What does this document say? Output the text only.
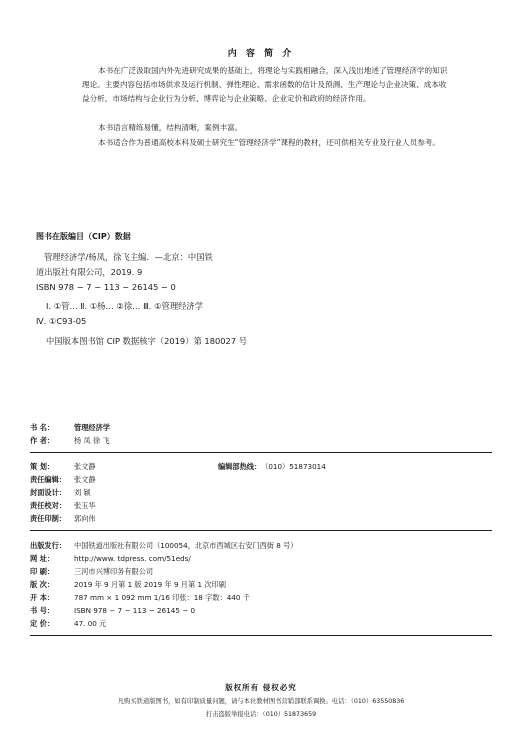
内 容 简 介

本书在广泛汲取国内外先进研究成果的基础上，将理论与实践相融合，深入浅出地述了管理经济学的知识理论。主要内容包括市场供求及运行机制、弹性理论、需求函数的估计及预测、生产理论与企业决策、成本收益分析，市场结构与企业行为分析、博弈论与企业策略、企业定价和政府的经济作用。

本书语言精练易懂，结构清晰，案例丰富。

本书适合作为普通高校本科及硕士研究生“管理经济学”课程的教材，还可供相关专业及行业人员参考。

图书在版编目（CIP）数据
管理经济学/杨凤，徐飞主编．—北京：中国铁
道出版社有限公司，2019. 9
ISBN 978 − 7 − 113 − 26145 − 0
Ⅰ. ①管… Ⅱ. ①杨… ②徐… Ⅲ. ①管理经济学
Ⅳ. ①C93-05
中国版本图书馆 CIP 数据核字（2019）第 180027 号
书 名：	管理经济学
作 者：	杨 凤 徐 飞
策 划：	张文静	编辑部热线：（010）51873014
责任编辑： 张文静
封面设计： 刘 颖
责任校对： 张玉华
责任印制： 郭向伟
出版发行： 中国铁道出版社有限公司（100054，北京市西城区右安门西街 8 号）
网 址：	http://www. tdpress. com/51eds/
印 刷：	三河市兴博印务有限公司
版 次：	2019 年 9 月第 1 版 2019 年 9 月第 1 次印刷
开 本：	787 mm × 1 092 mm 1/16 印张：18 字数：440 千
书 号：	ISBN 978 − 7 − 113 − 26145 − 0
定 价：	47. 00 元
版权所有 侵权必究
凡购买铁道版图书，如有印制质量问题，请与本社教材图书营销部联系调换。电话：（010）63550836
打击盗版举报电话：（010）51873659
